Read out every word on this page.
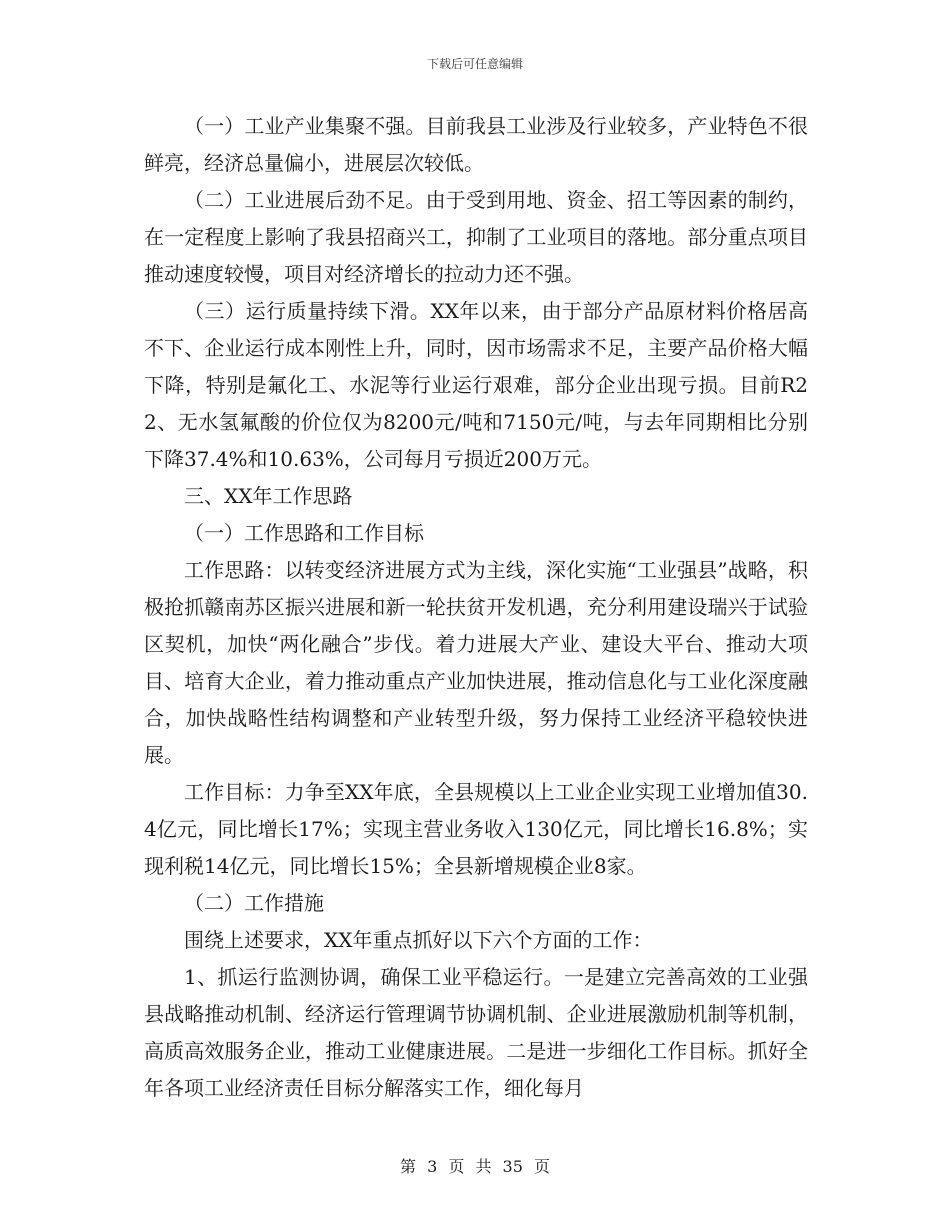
下载后可任意编辑

（一）工业产业集聚不强。目前我县工业涉及行业较多，产业特色不很鲜亮，经济总量偏小，进展层次较低。

（二）工业进展后劲不足。由于受到用地、资金、招工等因素的制约，在一定程度上影响了我县招商兴工，抑制了工业项目的落地。部分重点项目推动速度较慢，项目对经济增长的拉动力还不强。

（三）运行质量持续下滑。XX年以来，由于部分产品原材料价格居高不下、企业运行成本刚性上升，同时，因市场需求不足，主要产品价格大幅下降，特别是氟化工、水泥等行业运行艰难，部分企业出现亏损。目前R22、无水氢氟酸的价位仅为8200元/吨和7150元/吨，与去年同期相比分别下降37.4%和10.63%，公司每月亏损近200万元。

三、XX年工作思路

（一）工作思路和工作目标

工作思路：以转变经济进展方式为主线，深化实施“工业强县”战略，积极抢抓赣南苏区振兴进展和新一轮扶贫开发机遇，充分利用建设瑞兴于试验区契机，加快“两化融合”步伐。着力进展大产业、建设大平台、推动大项目、培育大企业，着力推动重点产业加快进展，推动信息化与工业化深度融合，加快战略性结构调整和产业转型升级，努力保持工业经济平稳较快进展。

工作目标：力争至XX年底，全县规模以上工业企业实现工业增加值30.4亿元，同比增长17%；实现主营业务收入130亿元，同比增长16.8%；实现利税14亿元，同比增长15%；全县新增规模企业8家。

（二）工作措施

围绕上述要求，XX年重点抓好以下六个方面的工作：

1、抓运行监测协调，确保工业平稳运行。一是建立完善高效的工业强县战略推动机制、经济运行管理调节协调机制、企业进展激励机制等机制，高质高效服务企业，推动工业健康进展。二是进一步细化工作目标。抓好全年各项工业经济责任目标分解落实工作，细化每月

第 3 页 共 35 页
